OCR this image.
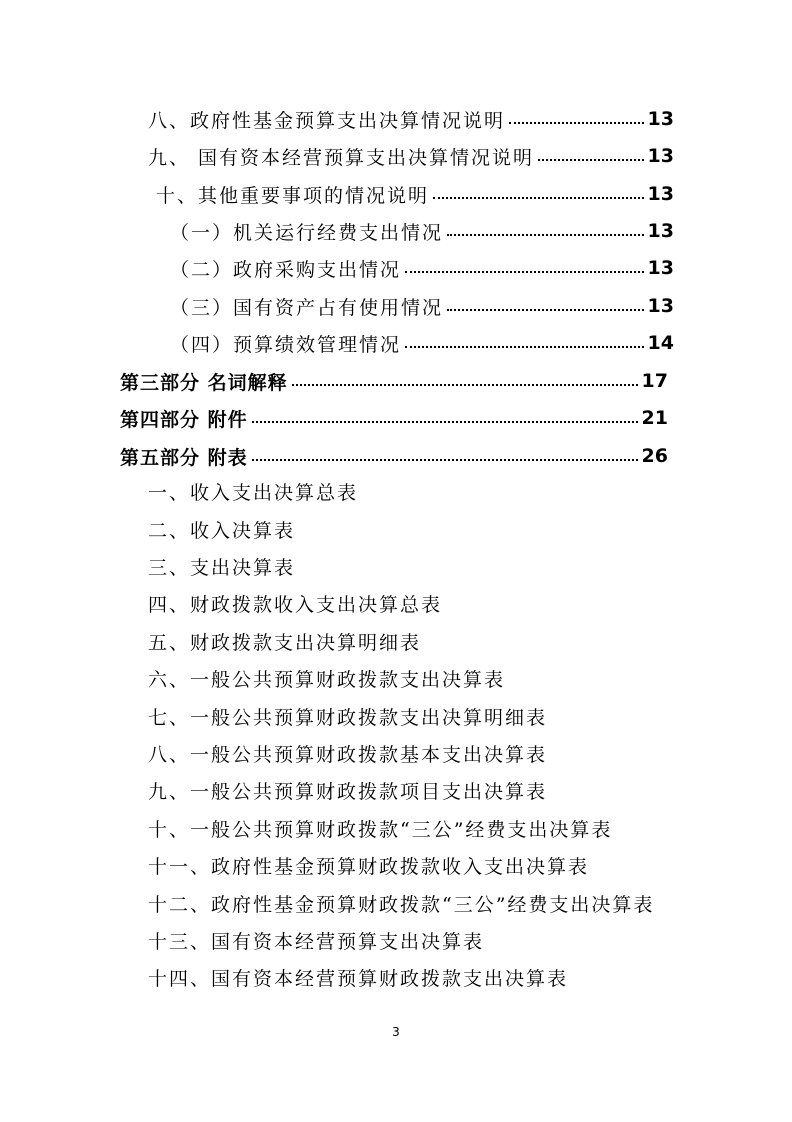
八、政府性基金预算支出决算情况说明	13
九、 国有资本经营预算支出决算情况说明	13
十、其他重要事项的情况说明	13
（一）机关运行经费支出情况	13
（二）政府采购支出情况	13
（三）国有资产占有使用情况	13
（四）预算绩效管理情况	14
第三部分 名词解释	17
第四部分 附件	21
第五部分 附表	26
一、收入支出决算总表
二、收入决算表
三、支出决算表
四、财政拨款收入支出决算总表
五、财政拨款支出决算明细表
六、一般公共预算财政拨款支出决算表
七、一般公共预算财政拨款支出决算明细表
八、一般公共预算财政拨款基本支出决算表
九、一般公共预算财政拨款项目支出决算表
十、一般公共预算财政拨款“三公”经费支出决算表
十一、政府性基金预算财政拨款收入支出决算表
十二、政府性基金预算财政拨款“三公”经费支出决算表
十三、国有资本经营预算支出决算表
十四、国有资本经营预算财政拨款支出决算表
3
